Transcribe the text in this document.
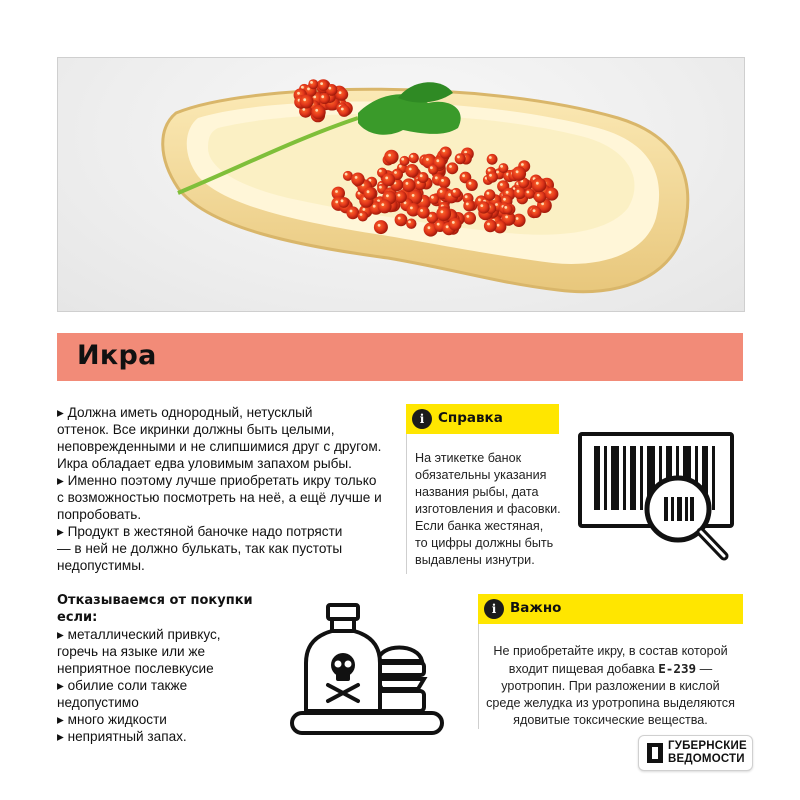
Икра

▸ Должна иметь однородный, нетусклый

оттенок. Все икринки должны быть целыми,

неповрежденными и не слипшимися друг с другом.

Икра обладает едва уловимым запахом рыбы.

▸ Именно поэтому лучше приобретать икру только

с возможностью посмотреть на неё, а ещё лучше и

попробовать.

▸ Продукт в жестяной баночке надо потрясти

— в ней не должно булькать, так как пустоты

недопустимы.

Отказываемся от покупки

если:

▸ металлический привкус,

горечь на языке или же

неприятное послевкусие

▸ обилие соли также

недопустимо

▸ много жидкости

▸ неприятный запах.

i	Справка
На этикетке банок
обязательны указания
названия рыбы, дата
изготовления и фасовки.
Если банка жестяная,
то цифры должны быть
выдавлены изнутри.
i	Важно
Не приобретайте икру, в состав которой
входит пищевая добавка Е-239 —
уротропин. При разложении в кислой
среде желудка из уротропина выделяются
ядовитые токсические вещества.
ГУБЕРНСКИЕ
ВЕДОМОСТИ
